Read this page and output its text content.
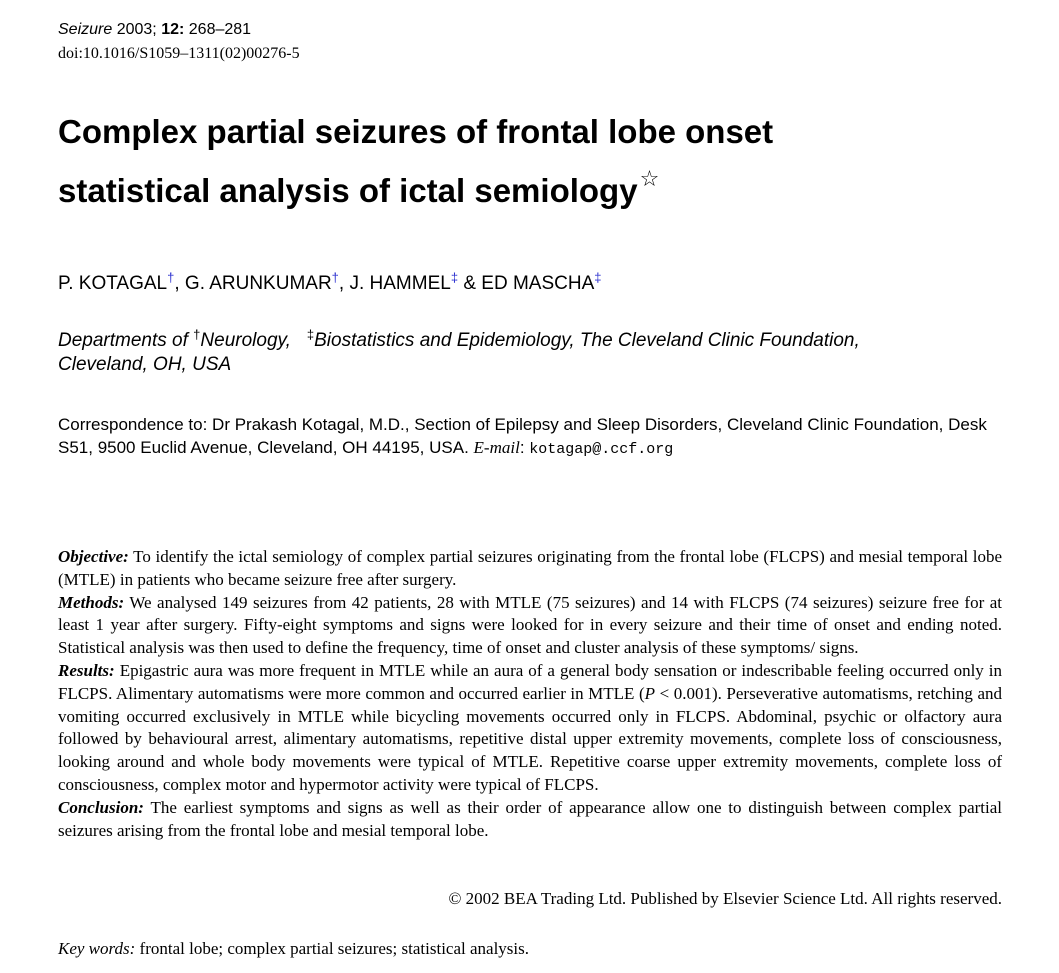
Seizure 2003; 12: 268–281
doi:10.1016/S1059–1311(02)00276-5
Complex partial seizures of frontal lobe onset
statistical analysis of ictal semiology☆
P. KOTAGAL†, G. ARUNKUMAR†, J. HAMMEL‡ & ED MASCHA‡
Departments of †Neurology, ‡Biostatistics and Epidemiology, The Cleveland Clinic Foundation,
Cleveland, OH, USA
Correspondence to: Dr Prakash Kotagal, M.D., Section of Epilepsy and Sleep Disorders, Cleveland Clinic Foundation, Desk S51, 9500 Euclid Avenue, Cleveland, OH 44195, USA. E-mail: kotagap@.ccf.org

Objective: To identify the ictal semiology of complex partial seizures originating from the frontal lobe (FLCPS) and mesial temporal lobe (MTLE) in patients who became seizure free after surgery.

Methods: We analysed 149 seizures from 42 patients, 28 with MTLE (75 seizures) and 14 with FLCPS (74 seizures) seizure free for at least 1 year after surgery. Fifty-eight symptoms and signs were looked for in every seizure and their time of onset and ending noted. Statistical analysis was then used to define the frequency, time of onset and cluster analysis of these symptoms/ signs.

Results: Epigastric aura was more frequent in MTLE while an aura of a general body sensation or indescribable feeling occurred only in FLCPS. Alimentary automatisms were more common and occurred earlier in MTLE (P < 0.001). Perseverative automatisms, retching and vomiting occurred exclusively in MTLE while bicycling movements occurred only in FLCPS. Abdominal, psychic or olfactory aura followed by behavioural arrest, alimentary automatisms, repetitive distal upper extremity movements, complete loss of consciousness, looking around and whole body movements were typical of MTLE. Repetitive coarse upper extremity movements, complete loss of consciousness, complex motor and hypermotor activity were typical of FLCPS.

Conclusion: The earliest symptoms and signs as well as their order of appearance allow one to distinguish between complex partial seizures arising from the frontal lobe and mesial temporal lobe.

© 2002 BEA Trading Ltd. Published by Elsevier Science Ltd. All rights reserved.
Key words: frontal lobe; complex partial seizures; statistical analysis.
